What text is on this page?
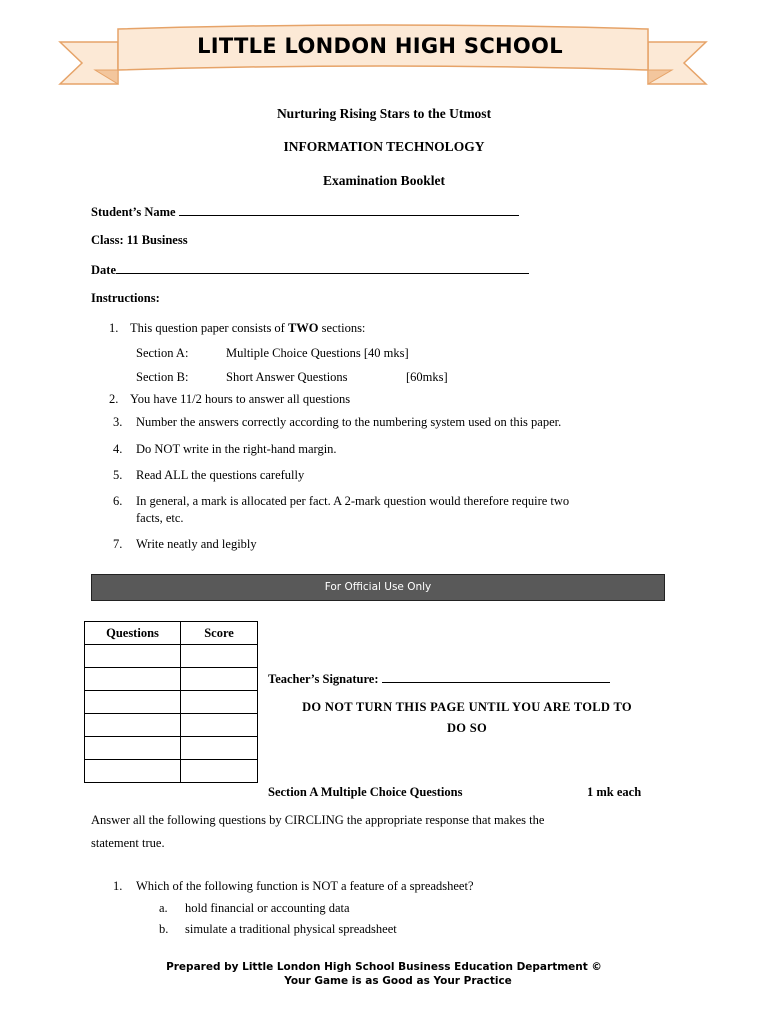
LITTLE LONDON HIGH SCHOOL
Nurturing Rising Stars to the Utmost
INFORMATION TECHNOLOGY
Examination Booklet
Student’s Name
Class: 11 Business
Date
Instructions:
1. This question paper consists of TWO sections:
Section A:	Multiple Choice Questions [40 mks]
Section B:	Short Answer Questions	[60mks]
2. You have 11/2 hours to answer all questions
3. Number the answers correctly according to the numbering system used on this paper.
4. Do NOT write in the right-hand margin.
5. Read ALL the questions carefully
6. In general, a mark is allocated per fact. A 2-mark question would therefore require two
facts, etc.
7. Write neatly and legibly
For Official Use Only
Questions	Score

Teacher’s Signature:
DO NOT TURN THIS PAGE UNTIL YOU ARE TOLD TO
DO SO
Section A Multiple Choice Questions	1 mk each
Answer all the following questions by CIRCLING the appropriate response that makes the
statement true.
1. Which of the following function is NOT a feature of a spreadsheet?
a. hold financial or accounting data
b. simulate a traditional physical spreadsheet
Prepared by Little London High School Business Education Department ©
Your Game is as Good as Your Practice
